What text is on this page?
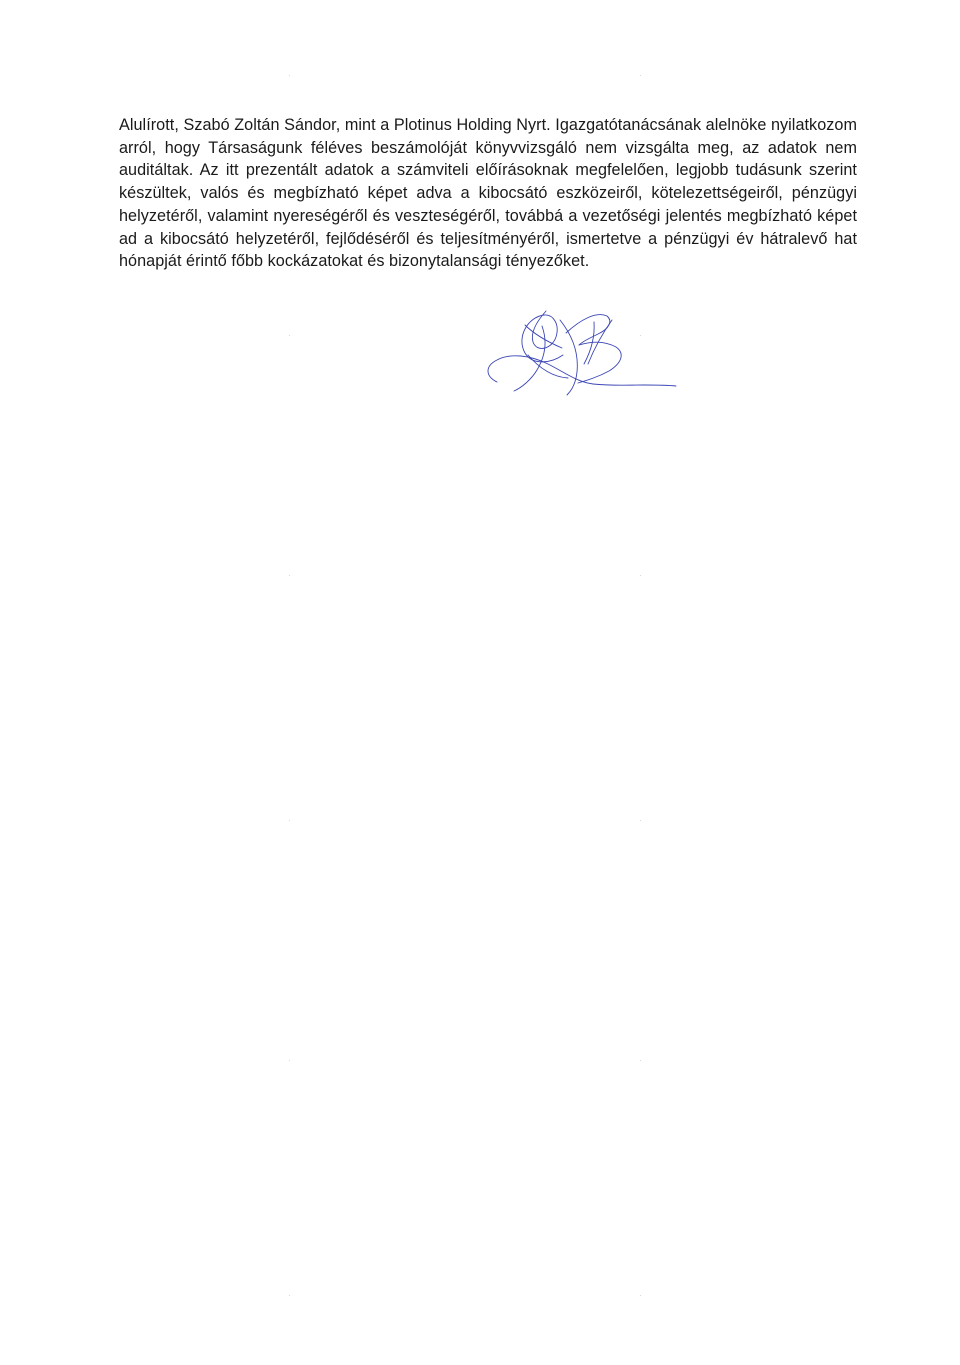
Alulírott, Szabó Zoltán Sándor, mint a Plotinus Holding Nyrt. Igazgatótanácsának alelnöke nyilatkozom arról, hogy Társaságunk féléves beszámolóját könyvvizsgáló nem vizsgálta meg, az adatok nem auditáltak. Az itt prezentált adatok a számviteli előírásoknak megfelelően, legjobb tudásunk szerint készültek, valós és megbízható képet adva a kibocsátó eszközeiről, kötelezettségeiről, pénzügyi helyzetéről, valamint nyereségéről és veszteségéről, továbbá a vezetőségi jelentés megbízható képet ad a kibocsátó helyzetéről, fejlődéséről és teljesítményéről, ismertetve a pénzügyi év hátralevő hat hónapját érintő főbb kockázatokat és bizonytalansági tényezőket.
